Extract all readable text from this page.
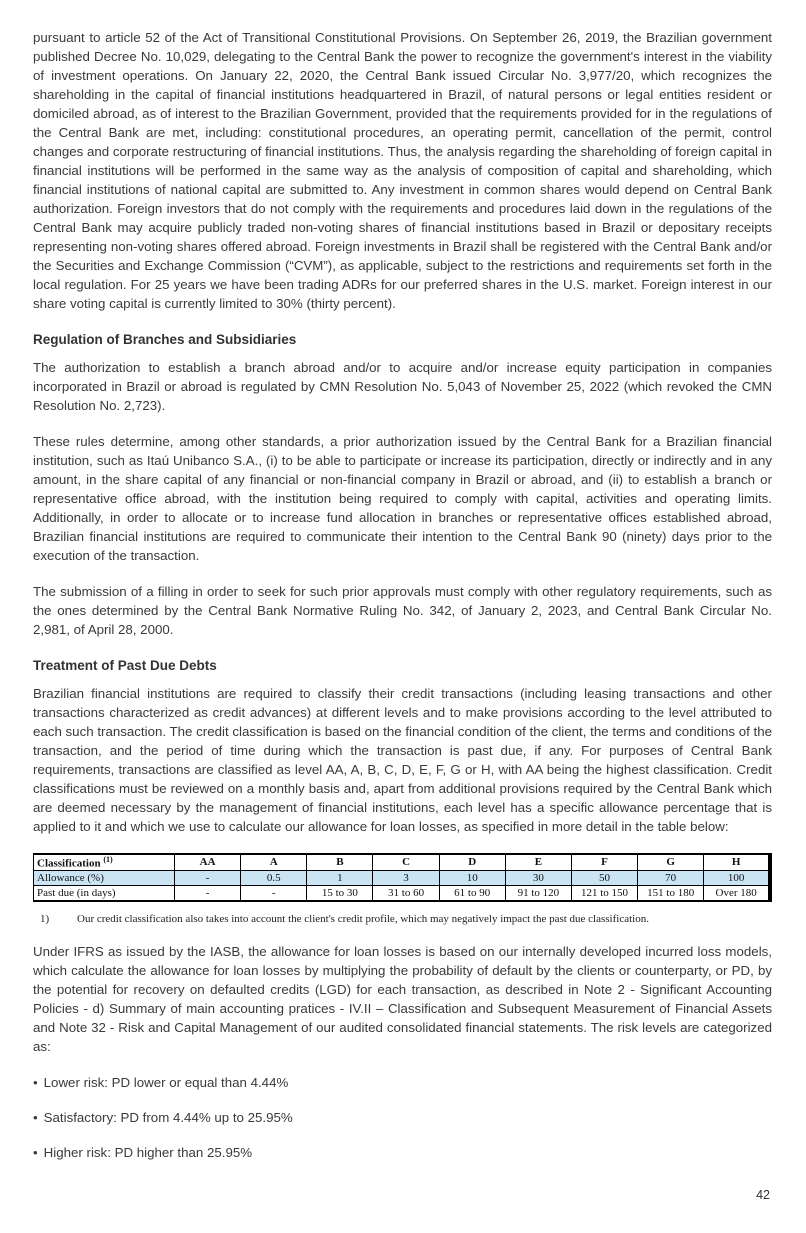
pursuant to article 52 of the Act of Transitional Constitutional Provisions. On September 26, 2019, the Brazilian government published Decree No. 10,029, delegating to the Central Bank the power to recognize the government's interest in the viability of investment operations. On January 22, 2020, the Central Bank issued Circular No. 3,977/20, which recognizes the shareholding in the capital of financial institutions headquartered in Brazil, of natural persons or legal entities resident or domiciled abroad, as of interest to the Brazilian Government, provided that the requirements provided for in the regulations of the Central Bank are met, including: constitutional procedures, an operating permit, cancellation of the permit, control changes and corporate restructuring of financial institutions. Thus, the analysis regarding the shareholding of foreign capital in financial institutions will be performed in the same way as the analysis of composition of capital and shareholding, which financial institutions of national capital are submitted to. Any investment in common shares would depend on Central Bank authorization. Foreign investors that do not comply with the requirements and procedures laid down in the regulations of the Central Bank may acquire publicly traded non-voting shares of financial institutions based in Brazil or depositary receipts representing non-voting shares offered abroad. Foreign investments in Brazil shall be registered with the Central Bank and/or the Securities and Exchange Commission (“CVM”), as applicable, subject to the restrictions and requirements set forth in the local regulation. For 25 years we have been trading ADRs for our preferred shares in the U.S. market. Foreign interest in our share voting capital is currently limited to 30% (thirty percent).

Regulation of Branches and Subsidiaries

The authorization to establish a branch abroad and/or to acquire and/or increase equity participation in companies incorporated in Brazil or abroad is regulated by CMN Resolution No. 5,043 of November 25, 2022 (which revoked the CMN Resolution No. 2,723).

These rules determine, among other standards, a prior authorization issued by the Central Bank for a Brazilian financial institution, such as Itaú Unibanco S.A., (i) to be able to participate or increase its participation, directly or indirectly and in any amount, in the share capital of any financial or non-financial company in Brazil or abroad, and (ii) to establish a branch or representative office abroad, with the institution being required to comply with capital, activities and operating limits. Additionally, in order to allocate or to increase fund allocation in branches or representative offices established abroad, Brazilian financial institutions are required to communicate their intention to the Central Bank 90 (ninety) days prior to the execution of the transaction.

The submission of a filling in order to seek for such prior approvals must comply with other regulatory requirements, such as the ones determined by the Central Bank Normative Ruling No. 342, of January 2, 2023, and Central Bank Circular No. 2,981, of April 28, 2000.

Treatment of Past Due Debts

Brazilian financial institutions are required to classify their credit transactions (including leasing transactions and other transactions characterized as credit advances) at different levels and to make provisions according to the level attributed to each such transaction. The credit classification is based on the financial condition of the client, the terms and conditions of the transaction, and the period of time during which the transaction is past due, if any. For purposes of Central Bank requirements, transactions are classified as level AA, A, B, C, D, E, F, G or H, with AA being the highest classification. Credit classifications must be reviewed on a monthly basis and, apart from additional provisions required by the Central Bank which are deemed necessary by the management of financial institutions, each level has a specific allowance percentage that is applied to it and which we use to calculate our allowance for loan losses, as specified in more detail in the table below:

Classification $^{(1)}$	AA	A	B	C	D	E	F	G	H
Allowance (%)	-	0.5	1	3	10	30	50	70	100
Past due (in days)	-	-	15 to 30	31 to 60	61 to 90	91 to 120	121 to 150	151 to 180	Over 180

1)	Our credit classification also takes into account the client's credit profile, which may negatively impact the past due classification.

Under IFRS as issued by the IASB, the allowance for loan losses is based on our internally developed incurred loss models, which calculate the allowance for loan losses by multiplying the probability of default by the clients or counterparty, or PD, by the potential for recovery on defaulted credits (LGD) for each transaction, as described in Note 2 - Significant Accounting Policies - d) Summary of main accounting pratices - IV.II – Classification and Subsequent Measurement of Financial Assets and Note 32 - Risk and Capital Management of our audited consolidated financial statements. The risk levels are categorized as:

• Lower risk: PD lower or equal than 4.44%

• Satisfactory: PD from 4.44% up to 25.95%

• Higher risk: PD higher than 25.95%

42
